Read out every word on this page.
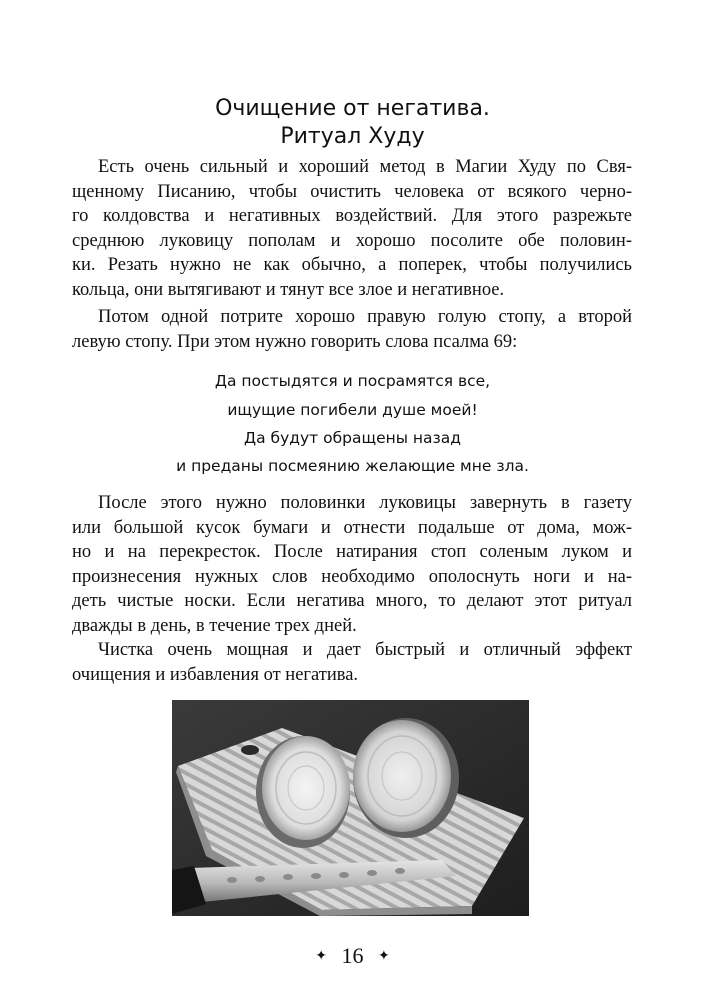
Очищение от негатива.
Ритуал Худу

Есть очень сильный и хороший метод в Магии Худу по Свя-
щенному Писанию, чтобы очистить человека от всякого черно-
го колдовства и негативных воздействий. Для этого разрежьте
среднюю луковицу пополам и хорошо посолите обе половин-
ки. Резать нужно не как обычно, а поперек, чтобы получились
кольца, они вытягивают и тянут все злое и негативное.

Потом одной потрите хорошо правую голую стопу, а второй
левую стопу. При этом нужно говорить слова псалма 69:

Да постыдятся и посрамятся все,
ищущие погибели душе моей!
Да будут обращены назад
и преданы посмеянию желающие мне зла.

После этого нужно половинки луковицы завернуть в газету
или большой кусок бумаги и отнести подальше от дома, мож-
но и на перекресток. После натирания стоп соленым луком и
произнесения нужных слов необходимо ополоснуть ноги и на-
деть чистые носки. Если негатива много, то делают этот ритуал
дважды в день, в течение трех дней.

Чистка очень мощная и дает быстрый и отличный эффект
очищения и избавления от негатива.

✦ 16 ✦
